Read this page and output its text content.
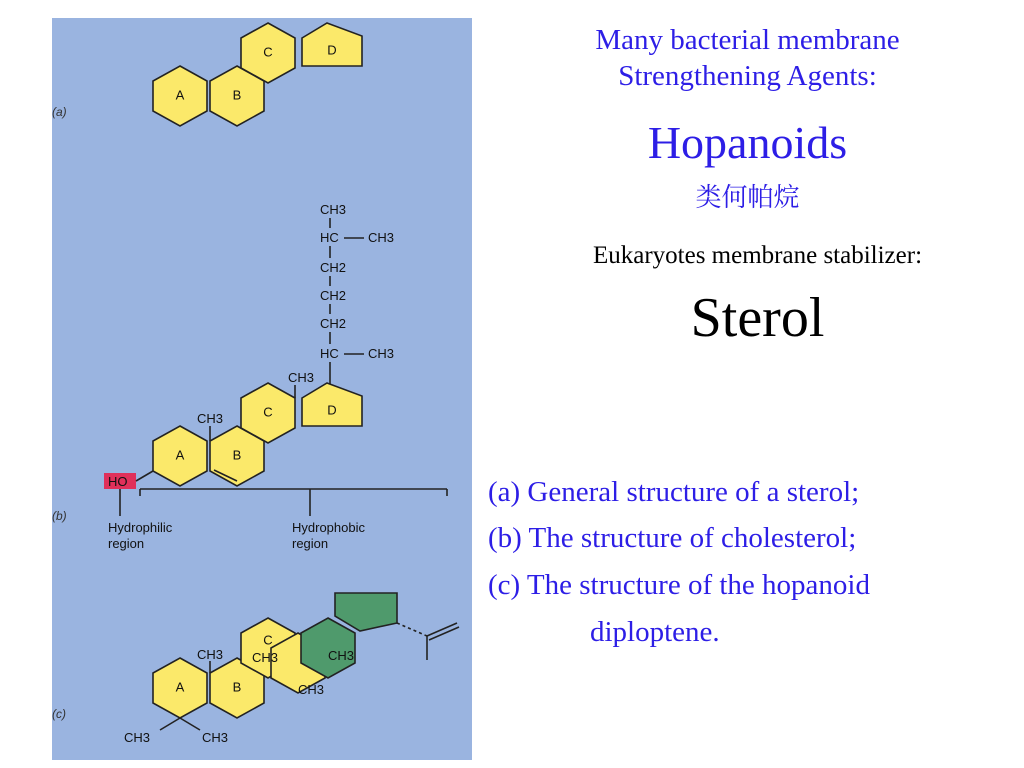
(a)
A	B
C	D
CH3
HC CH3
CH2
CH2
CH2
HC CH3
A	B
C	D
CH3
CH3
HO
(b)
Hydrophilic
region
Hydrophobic
region
(c)
A	B
C
CH3 CH3	CH3
CH3
CH3	CH3
Many bacterial membrane
Strengthening Agents:
Hopanoids
类何帕烷
Eukaryotes membrane stabilizer:
Sterol
(a) General structure of a sterol;
(b) The structure of cholesterol;
(c) The structure of the hopanoid
diploptene.
